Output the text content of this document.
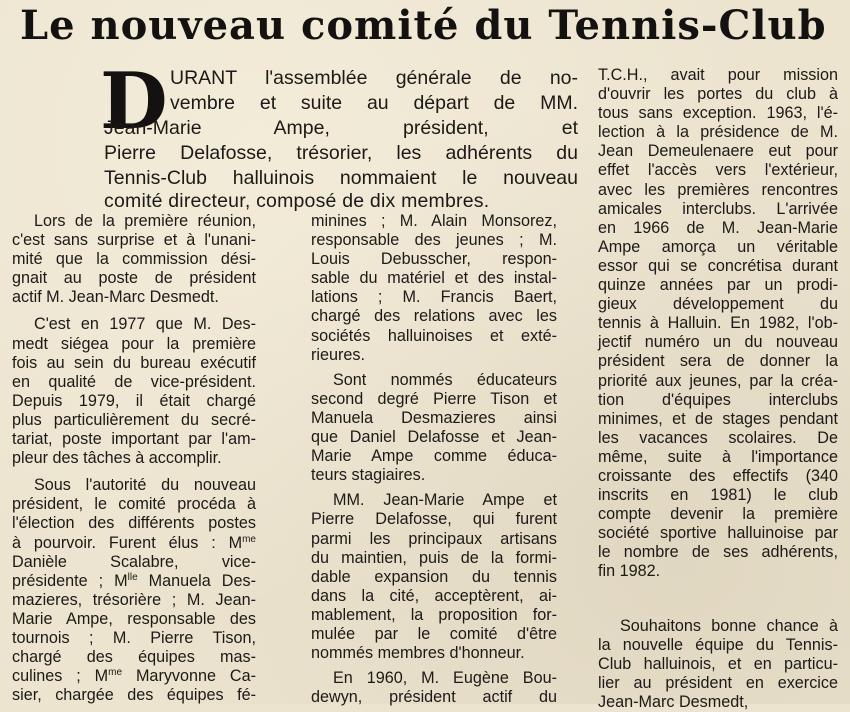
Le nouveau comité du Tennis-Club
D URANT l'assemblée générale de no-
vembre et suite au départ de MM.
Jean-Marie Ampe, président, et
Pierre Delafosse, trésorier, les adhérents du
Tennis-Club halluinois nommaient le nouveau
comité directeur, composé de dix membres.
Lors de la première réunion,
c'est sans surprise et à l'unani-
mité que la commission dési-
gnait au poste de président
actif M. Jean-Marc Desmedt.
C'est en 1977 que M. Des-
medt siégea pour la première
fois au sein du bureau exécutif
en qualité de vice-président.
Depuis 1979, il était chargé
plus particulièrement du secré-
tariat, poste important par l'am-
pleur des tâches à accomplir.
Sous l'autorité du nouveau
président, le comité procéda à
l'élection des différents postes
à pourvoir. Furent élus : $M^{me}$
Danièle Scalabre, vice-
présidente ; $M^{lle}$ Manuela Des-
mazieres, trésorière ; M. Jean-
Marie Ampe, responsable des
tournois ; M. Pierre Tison,
chargé des équipes mas-
culines ; $M^{me}$ Maryvonne Ca-
sier, chargée des équipes fé-
minines ; M. Alain Monsorez,
responsable des jeunes ; M.
Louis Debusscher, respon-
sable du matériel et des instal-
lations ; M. Francis Baert,
chargé des relations avec les
sociétés halluinoises et exté-
rieures.
Sont nommés éducateurs
second degré Pierre Tison et
Manuela Desmazieres ainsi
que Daniel Delafosse et Jean-
Marie Ampe comme éduca-
teurs stagiaires.
MM. Jean-Marie Ampe et
Pierre Delafosse, qui furent
parmi les principaux artisans
du maintien, puis de la formi-
dable expansion du tennis
dans la cité, acceptèrent, ai-
mablement, la proposition for-
mulée par le comité d'être
nommés membres d'honneur.
En 1960, M. Eugène Bou-
dewyn, président actif du
T.C.H., avait pour mission
d'ouvrir les portes du club à
tous sans exception. 1963, l'é-
lection à la présidence de M.
Jean Demeulenaere eut pour
effet l'accès vers l'extérieur,
avec les premières rencontres
amicales interclubs. L'arrivée
en 1966 de M. Jean-Marie
Ampe amorça un véritable
essor qui se concrétisa durant
quinze années par un prodi-
gieux développement du
tennis à Halluin. En 1982, l'ob-
jectif numéro un du nouveau
président sera de donner la
priorité aux jeunes, par la créa-
tion d'équipes interclubs
minimes, et de stages pendant
les vacances scolaires. De
même, suite à l'importance
croissante des effectifs (340
inscrits en 1981) le club
compte devenir la première
société sportive halluinoise par
le nombre de ses adhérents,
fin 1982.
Souhaitons bonne chance à
la nouvelle équipe du Tennis-
Club halluinois, et en particu-
lier au président en exercice
Jean-Marc Desmedt,
